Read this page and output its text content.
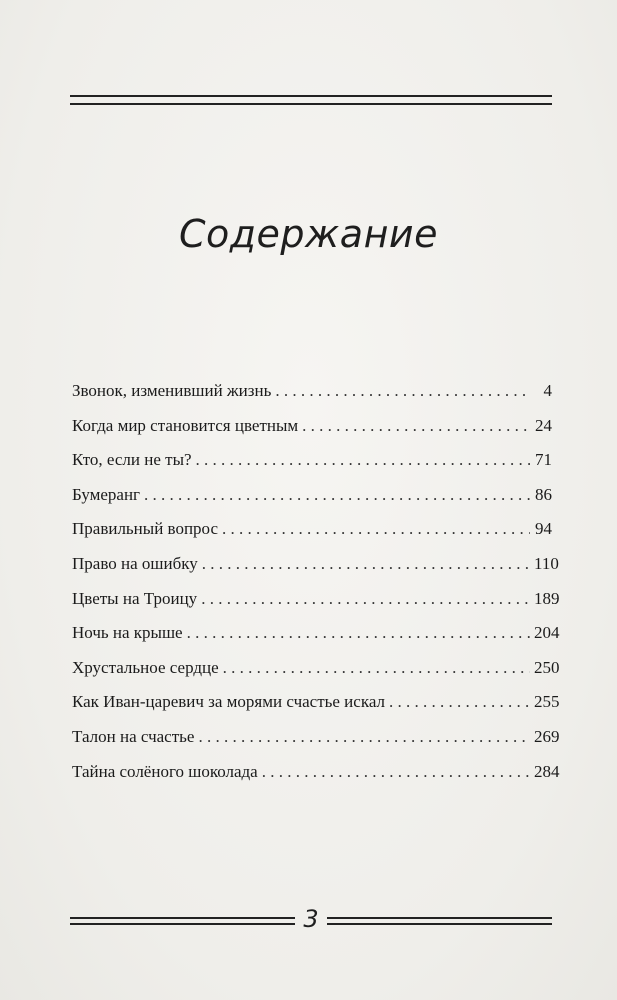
Содержание
Звонок, изменивший жизнь . . .	4
Когда мир становится цветным . . .	24
Кто, если не ты? . . .	71
Бумеранг . . .	86
Правильный вопрос . . .	94
Право на ошибку . . .	110
Цветы на Троицу . . .	189
Ночь на крыше . . .	204
Хрустальное сердце . . .	250
Как Иван-царевич за морями счастье искал . . .	255
Талон на счастье . . .	269
Тайна солёного шоколада . . .	284
3
